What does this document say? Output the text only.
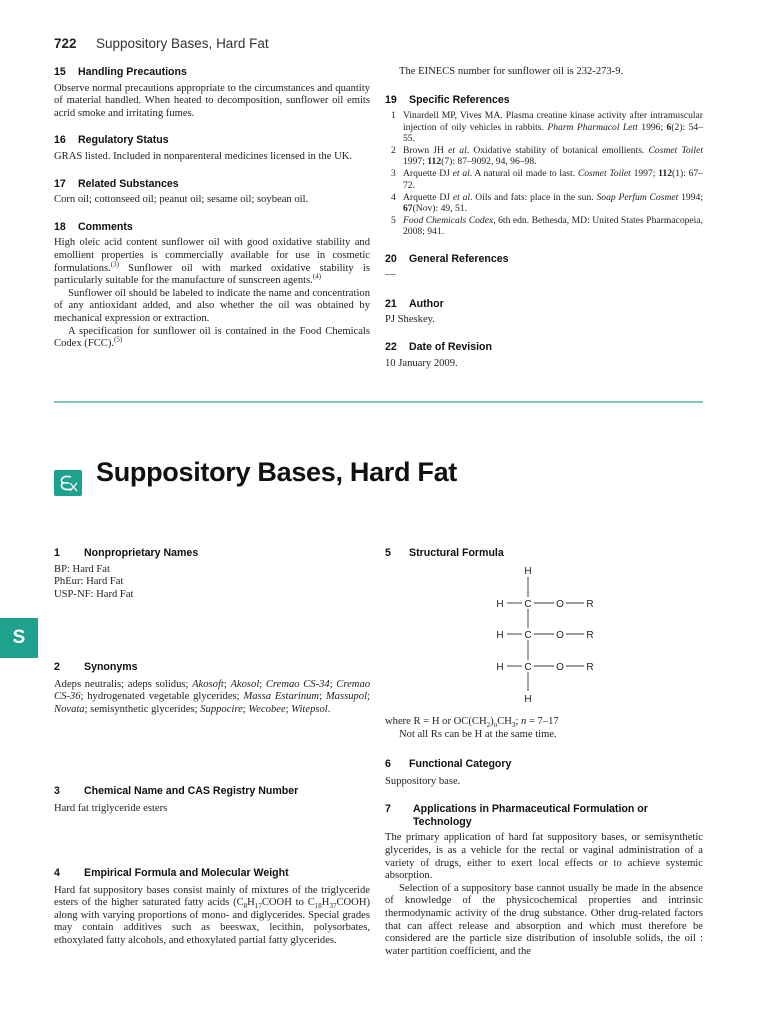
722 Suppository Bases, Hard Fat
15 Handling Precautions
Observe normal precautions appropriate to the circumstances and quantity of material handled. When heated to decomposition, sunflower oil emits acrid smoke and irritating fumes.
16 Regulatory Status
GRAS listed. Included in nonparenteral medicines licensed in the UK.
17 Related Substances
Corn oil; cottonseed oil; peanut oil; sesame oil; soybean oil.
18 Comments
High oleic acid content sunflower oil with good oxidative stability and emollient properties is commercially available for use in cosmetic formulations.$^{(3)}$ Sunflower oil with marked oxidative stability is particularly suitable for the manufacture of sunscreen agents.$^{(4)}$
Sunflower oil should be labeled to indicate the name and concentration of any antioxidant added, and also whether the oil was obtained by mechanical expression or extraction.
A specification for sunflower oil is contained in the Food Chemicals Codex (FCC).$^{(5)}$
The EINECS number for sunflower oil is 232-273-9.
19 Specific References
1 Vinardell MP, Vives MA. Plasma creatine kinase activity after intramuscular injection of oily vehicles in rabbits. Pharm Pharmacol Lett 1996; 6(2): 54–55.
2 Brown JH et al. Oxidative stability of botanical emollients. Cosmet Toilet 1997; 112(7): 87–9092, 94, 96–98.
3 Arquette DJ et al. A natural oil made to last. Cosmet Toilet 1997; 112(1): 67–72.
4 Arquette DJ et al. Oils and fats: place in the sun. Soap Perfum Cosmet 1994; 67(Nov): 49, 51.
5 Food Chemicals Codex, 6th edn. Bethesda, MD: United States Pharmacopeia, 2008; 941.
20 General References
—
21 Author
PJ Sheskey.
22 Date of Revision
10 January 2009.
Suppository Bases, Hard Fat
S
1 Nonproprietary Names
BP: Hard Fat
PhEur: Hard Fat
USP-NF: Hard Fat
2 Synonyms
Adeps neutralis; adeps solidus; Akosoft; Akosol; Cremao CS-34; Cremao CS-36; hydrogenated vegetable glycerides; Massa Estarinum; Massupol; Novata; semisynthetic glycerides; Suppocire; Wecobee; Witepsol.
3 Chemical Name and CAS Registry Number
Hard fat triglyceride esters
4 Empirical Formula and Molecular Weight
Hard fat suppository bases consist mainly of mixtures of the triglyceride esters of the higher saturated fatty acids ($C_8H_{17}COOH$ to $C_{18}H_{37}COOH$) along with varying proportions of mono- and diglycerides. Special grades may contain additives such as beeswax, lecithin, polysorbates, ethoxylated fatty alcohols, and ethoxylated partial fatty glycerides.
5 Structural Formula
H
H C O R
H C O R
H C O R
H
where R = H or $OC(CH_2)_nCH_3$; n = 7–17
Not all Rs can be H at the same time.
6 Functional Category
Suppository base.
7 Applications in Pharmaceutical Formulation or Technology
The primary application of hard fat suppository bases, or semisynthetic glycerides, is as a vehicle for the rectal or vaginal administration of a variety of drugs, either to exert local effects or to achieve systemic absorption.
Selection of a suppository base cannot usually be made in the absence of knowledge of the physicochemical properties and intrinsic thermodynamic activity of the drug substance. Other drug-related factors that can affect release and absorption and which must therefore be considered are the particle size distribution of insoluble solids, the oil : water partition coefficient, and the
